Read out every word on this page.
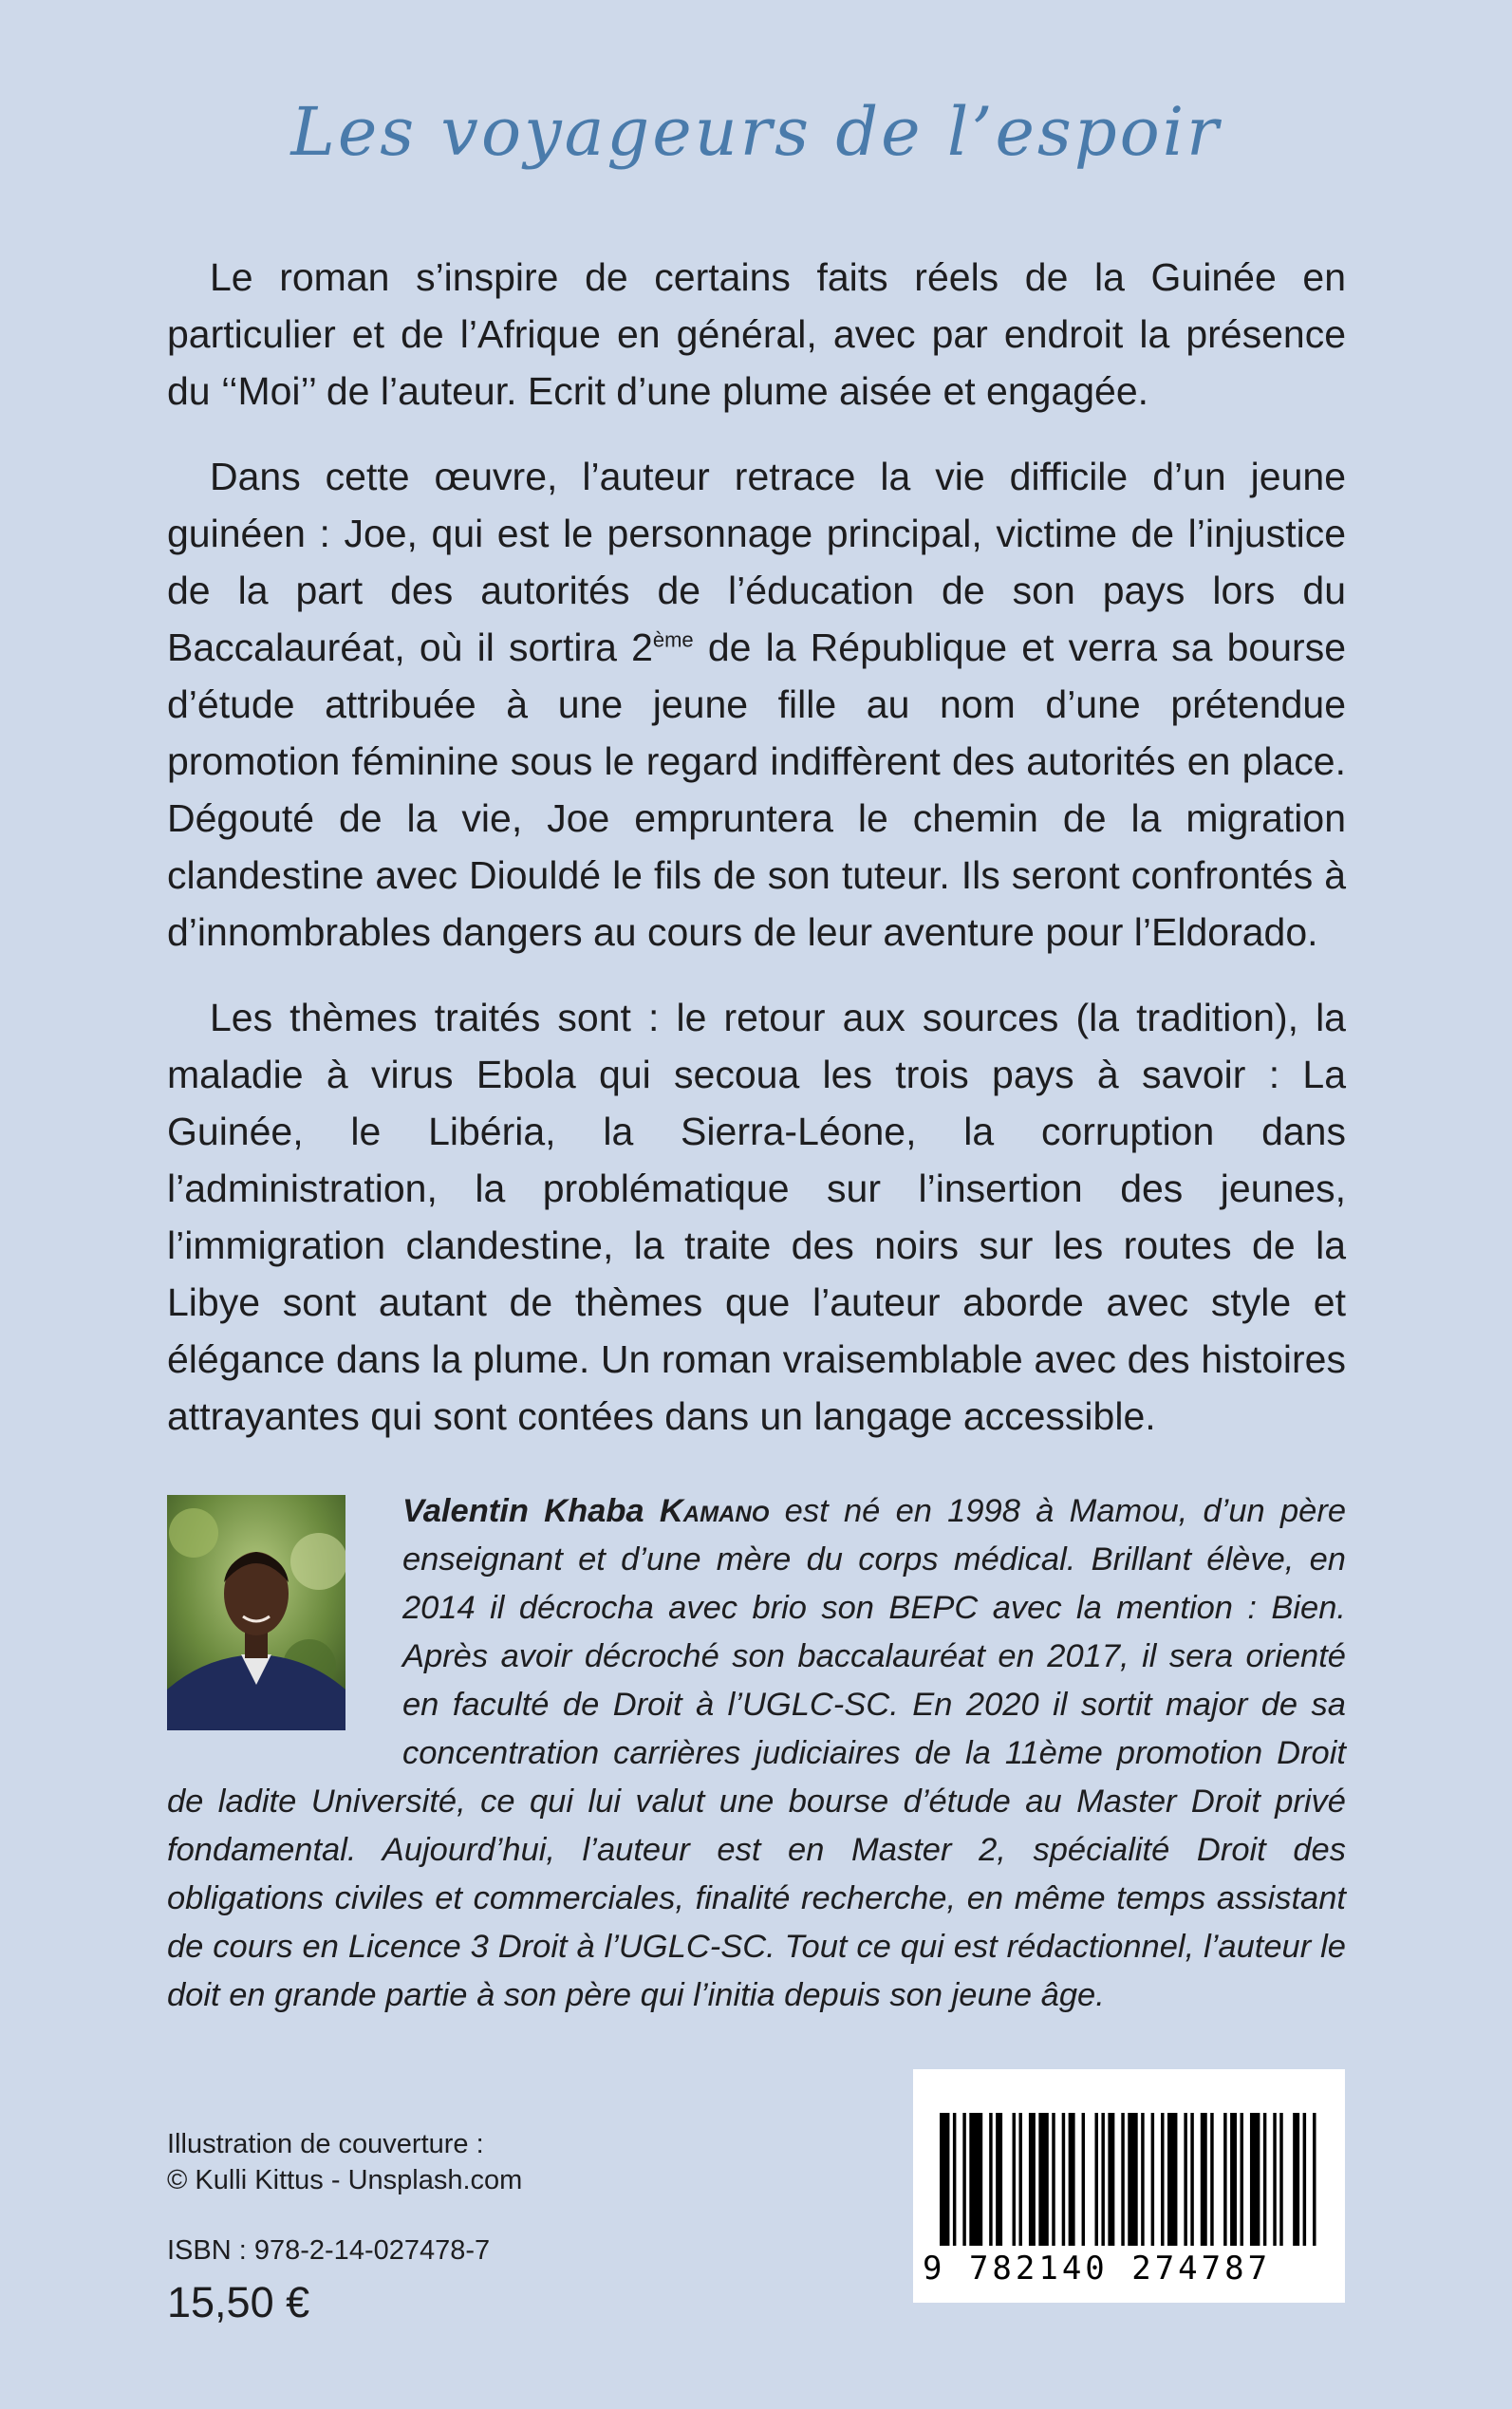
Les voyageurs de l’espoir

Le roman s’inspire de certains faits réels de la Guinée en particulier et de l’Afrique en général, avec par endroit la présence du ‘‘Moi’’ de l’auteur. Ecrit d’une plume aisée et engagée.

Dans cette œuvre, l’auteur retrace la vie difficile d’un jeune guinéen : Joe, qui est le personnage principal, victime de l’injustice de la part des autorités de l’éducation de son pays lors du Baccalauréat, où il sortira 2ème de la République et verra sa bourse d’étude attribuée à une jeune fille au nom d’une prétendue promotion féminine sous le regard indiffèrent des autorités en place. Dégouté de la vie, Joe empruntera le chemin de la migration clandestine avec Diouldé le fils de son tuteur. Ils seront confrontés à d’innombrables dangers au cours de leur aventure pour l’Eldorado.

Les thèmes traités sont : le retour aux sources (la tradition), la maladie à virus Ebola qui secoua les trois pays à savoir : La Guinée, le Libéria, la Sierra-Léone, la corruption dans l’administration, la problématique sur l’insertion des jeunes, l’immigration clandestine, la traite des noirs sur les routes de la Libye sont autant de thèmes que l’auteur aborde avec style et élégance dans la plume. Un roman vraisemblable avec des histoires attrayantes qui sont contées dans un langage accessible.

Valentin Khaba Kamano est né en 1998 à Mamou, d’un père enseignant et d’une mère du corps médical. Brillant élève, en 2014 il décrocha avec brio son BEPC avec la mention : Bien. Après avoir décroché son baccalauréat en 2017, il sera orienté en faculté de Droit à l’UGLC-SC. En 2020 il sortit major de sa concentration carrières judiciaires de la 11ème promotion Droit de ladite Université, ce qui lui valut une bourse d’étude au Master Droit privé fondamental. Aujourd’hui, l’auteur est en Master 2, spécialité Droit des obligations civiles et commerciales, finalité recherche, en même temps assistant de cours en Licence 3 Droit à l’UGLC-SC. Tout ce qui est rédactionnel, l’auteur le doit en grande partie à son père qui l’initia depuis son jeune âge.
Illustration de couverture :
© Kulli Kittus - Unsplash.com
ISBN : 978-2-14-027478-7
15,50 €
9 782140 274787
